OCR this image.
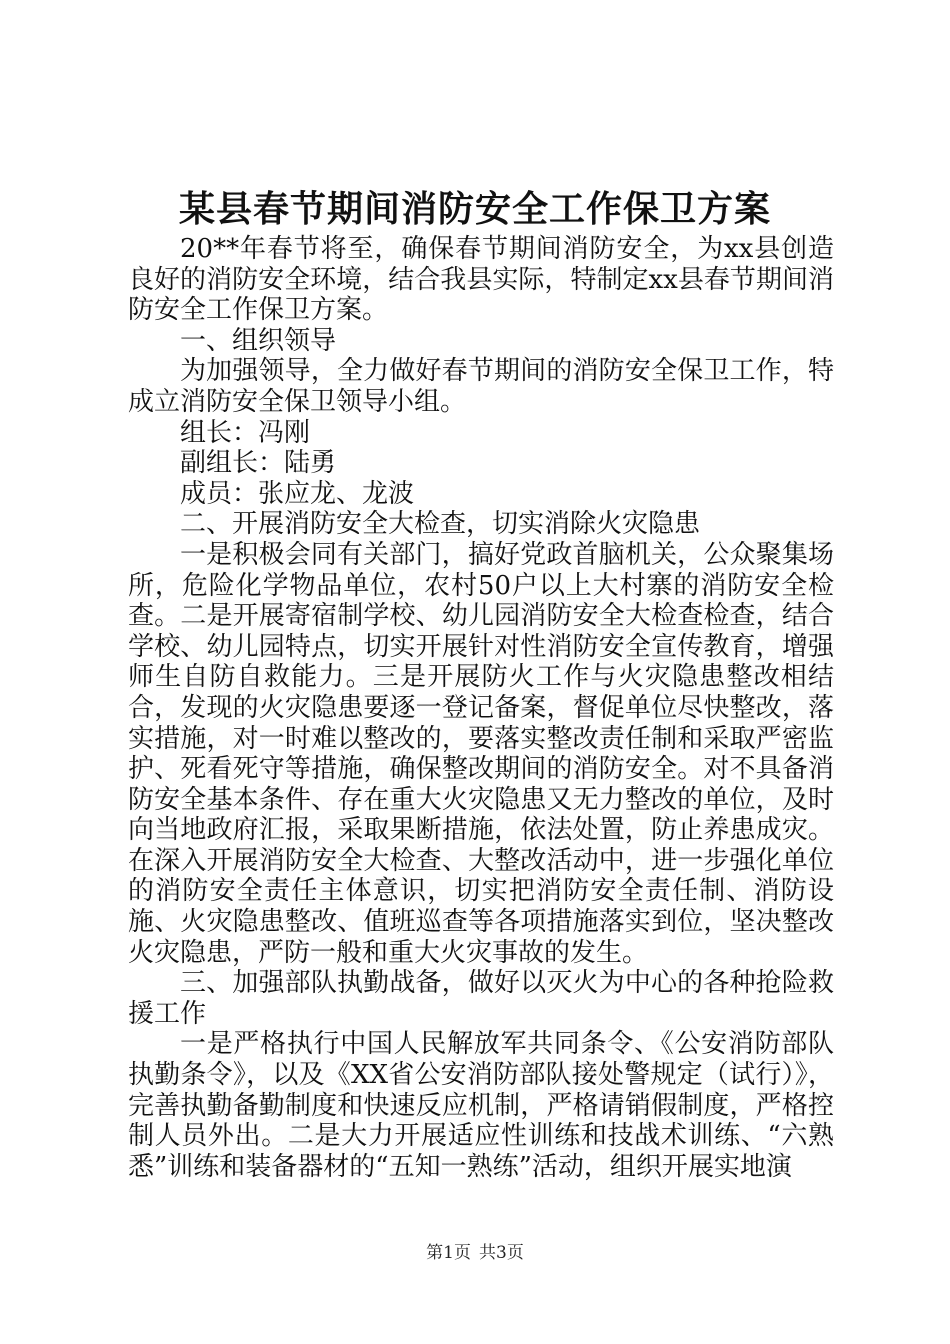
某县春节期间消防安全工作保卫方案

20**年春节将至，确保春节期间消防安全，为xx县创造良好的消防安全环境，结合我县实际，特制定xx县春节期间消防安全工作保卫方案。

一、组织领导

为加强领导，全力做好春节期间的消防安全保卫工作，特成立消防安全保卫领导小组。

组长：冯刚

副组长：陆勇

成员：张应龙、龙波

二、开展消防安全大检查，切实消除火灾隐患

一是积极会同有关部门，搞好党政首脑机关，公众聚集场所，危险化学物品单位，农村50户以上大村寨的消防安全检查。二是开展寄宿制学校、幼儿园消防安全大检查检查，结合学校、幼儿园特点，切实开展针对性消防安全宣传教育，增强师生自防自救能力。三是开展防火工作与火灾隐患整改相结合，发现的火灾隐患要逐一登记备案，督促单位尽快整改，落实措施，对一时难以整改的，要落实整改责任制和采取严密监护、死看死守等措施，确保整改期间的消防安全。对不具备消防安全基本条件、存在重大火灾隐患又无力整改的单位，及时向当地政府汇报，采取果断措施，依法处置，防止养患成灾。在深入开展消防安全大检查、大整改活动中，进一步强化单位的消防安全责任主体意识，切实把消防安全责任制、消防设施、火灾隐患整改、值班巡查等各项措施落实到位，坚决整改火灾隐患，严防一般和重大火灾事故的发生。

三、加强部队执勤战备，做好以灭火为中心的各种抢险救援工作

一是严格执行中国人民解放军共同条令、《公安消防部队执勤条令》，以及《XX省公安消防部队接处警规定（试行）》，完善执勤备勤制度和快速反应机制，严格请销假制度，严格控制人员外出。二是大力开展适应性训练和技战术训练、“六熟悉”训练和装备器材的“五知一熟练”活动，组织开展实地演

第1页 共3页
